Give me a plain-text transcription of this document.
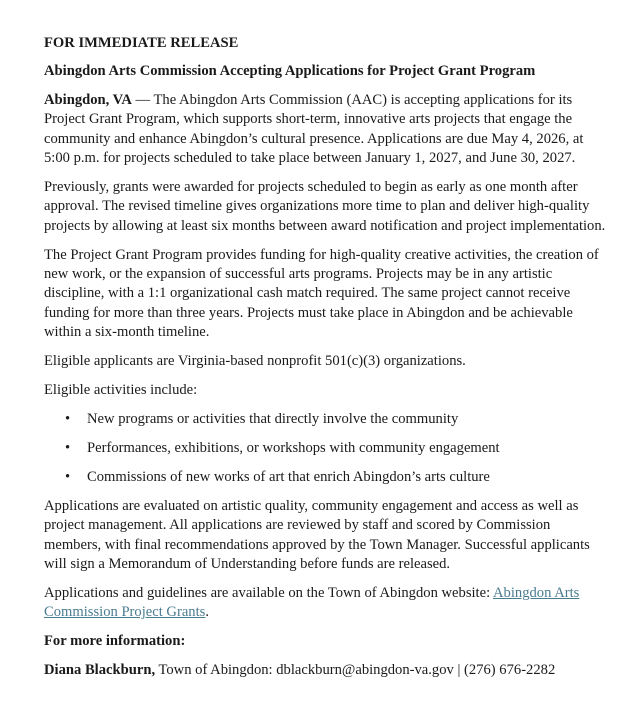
FOR IMMEDIATE RELEASE

Abingdon Arts Commission Accepting Applications for Project Grant Program

Abingdon, VA — The Abingdon Arts Commission (AAC) is accepting applications for its Project Grant Program, which supports short-term, innovative arts projects that engage the community and enhance Abingdon’s cultural presence. Applications are due May 4, 2026, at 5:00 p.m. for projects scheduled to take place between January 1, 2027, and June 30, 2027.

Previously, grants were awarded for projects scheduled to begin as early as one month after approval. The revised timeline gives organizations more time to plan and deliver high-quality projects by allowing at least six months between award notification and project implementation.

The Project Grant Program provides funding for high-quality creative activities, the creation of new work, or the expansion of successful arts programs. Projects may be in any artistic discipline, with a 1:1 organizational cash match required. The same project cannot receive funding for more than three years. Projects must take place in Abingdon and be achievable within a six-month timeline.

Eligible applicants are Virginia-based nonprofit 501(c)(3) organizations.

Eligible activities include:

• New programs or activities that directly involve the community
• Performances, exhibitions, or workshops with community engagement
• Commissions of new works of art that enrich Abingdon’s arts culture

Applications are evaluated on artistic quality, community engagement and access as well as project management. All applications are reviewed by staff and scored by Commission members, with final recommendations approved by the Town Manager. Successful applicants will sign a Memorandum of Understanding before funds are released.

Applications and guidelines are available on the Town of Abingdon website: Abingdon Arts Commission Project Grants.

For more information:

Diana Blackburn, Town of Abingdon: dblackburn@abingdon-va.gov | (276) 676-2282
